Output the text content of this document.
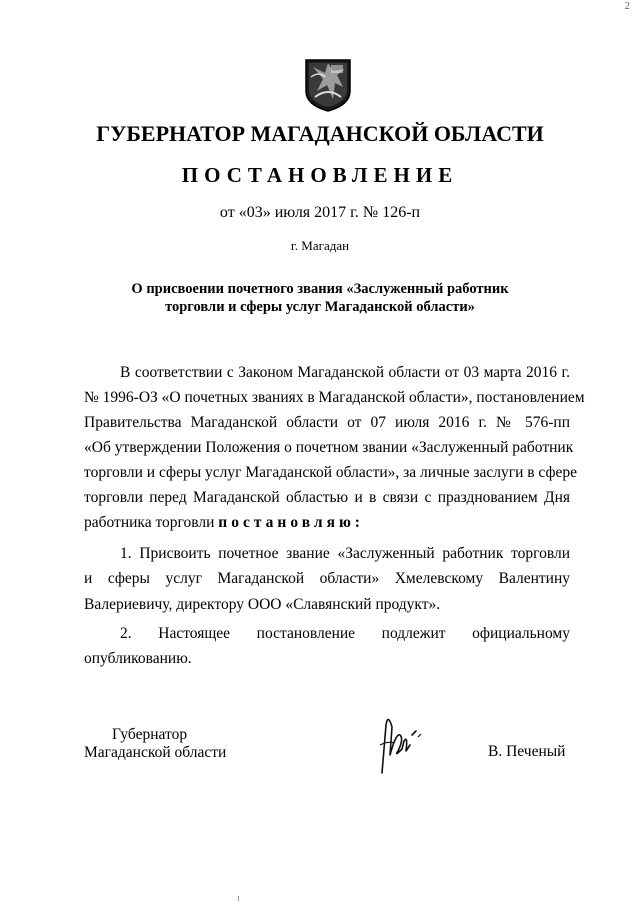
2
ГУБЕРНАТОР МАГАДАНСКОЙ ОБЛАСТИ
ПОСТАНОВЛЕНИЕ
от «03» июля 2017 г. № 126-п
г. Магадан
О присвоении почетного звания «Заслуженный работник
торговли и сферы услуг Магаданской области»
В соответствии с Законом Магаданской области от 03 марта 2016 г.
№ 1996-ОЗ «О почетных званиях в Магаданской области», постановлением
Правительства Магаданской области от 07 июля 2016 г. № 576-пп
«Об утверждении Положения о почетном звании «Заслуженный работник
торговли и сферы услуг Магаданской области», за личные заслуги в сфере
торговли перед Магаданской областью и в связи с празднованием Дня
работника торговли постановляю:
1. Присвоить почетное звание «Заслуженный работник торговли
и сферы услуг Магаданской области» Хмелевскому Валентину
Валериевичу, директору ООО «Славянский продукт».
2. Настоящее постановление подлежит официальному
опубликованию.
Губернатор
Магаданской области	В. Печеный
